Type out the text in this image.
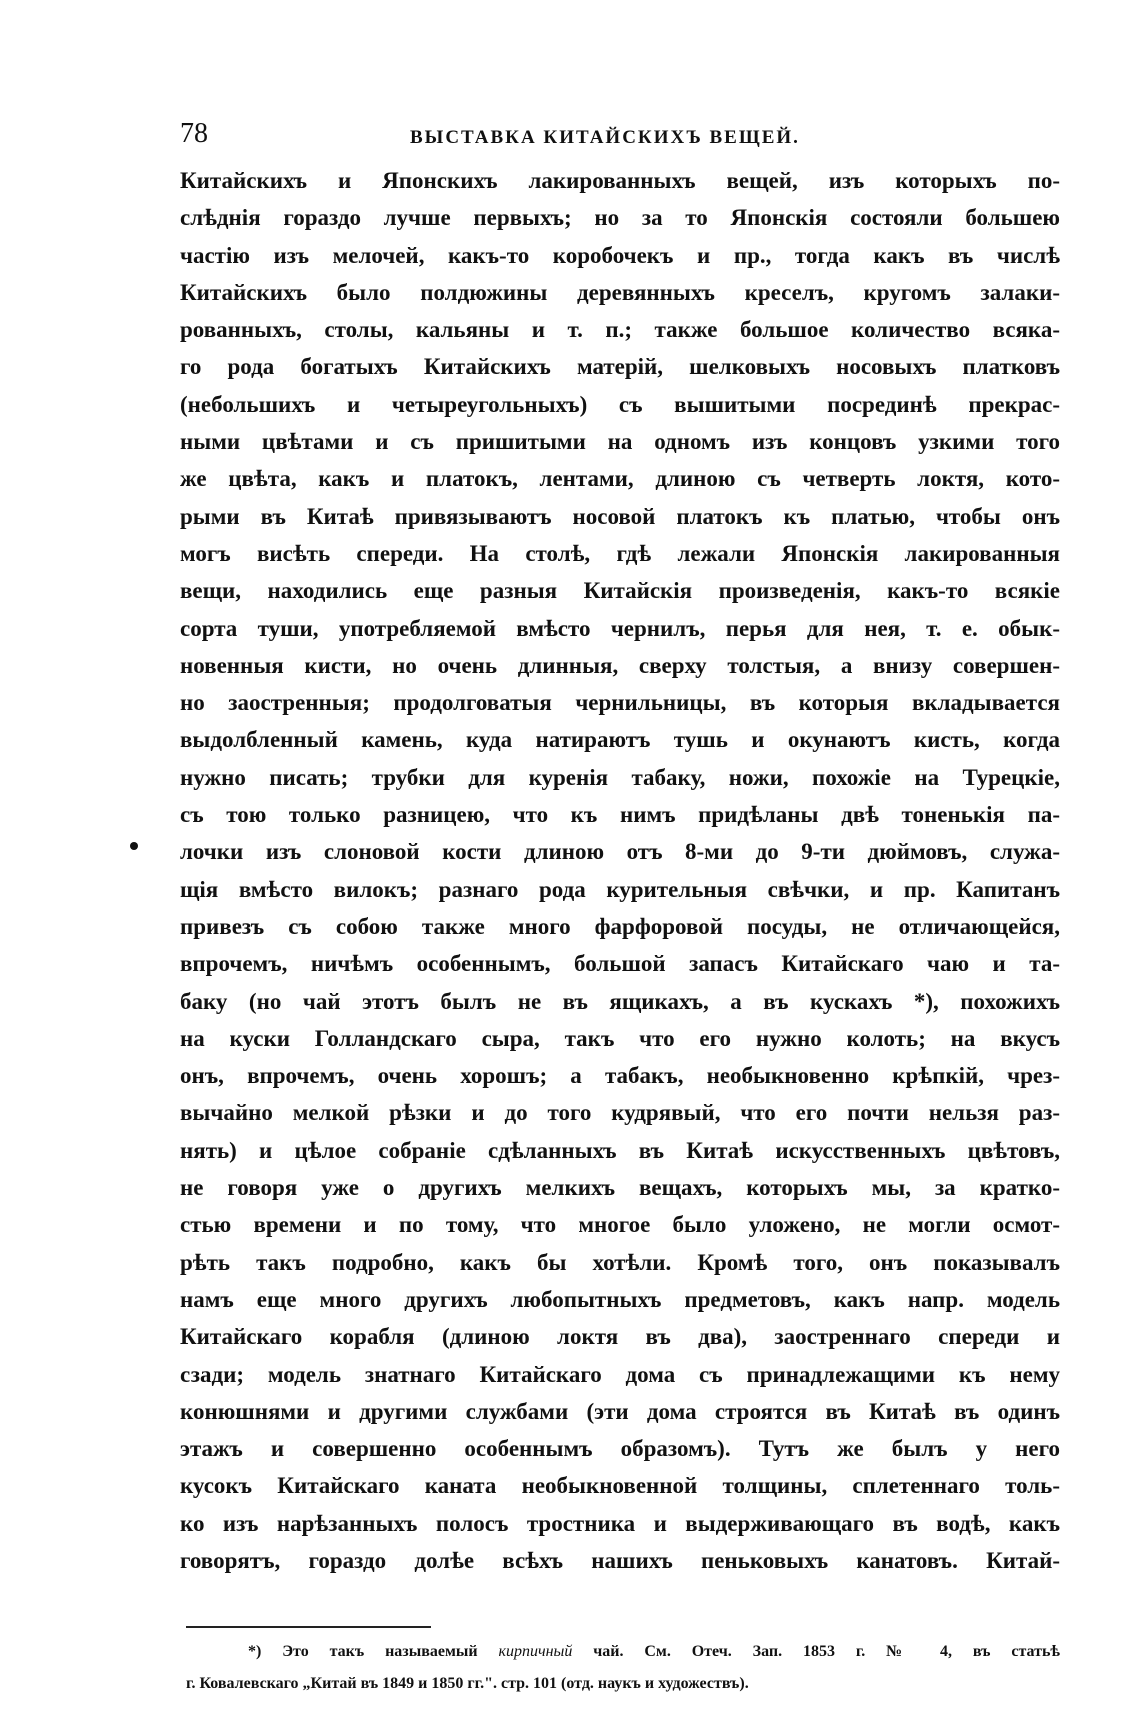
78	ВЫСТАВКА КИТАЙСКИХЪ ВЕЩЕЙ.
Китайскихъ и Японскихъ лакированныхъ вещей, изъ которыхъ по-
слѣднія гораздо лучше первыхъ; но за то Японскія состояли большею
частію изъ мелочей, какъ-то коробочекъ и пр., тогда какъ въ числѣ
Китайскихъ было полдюжины деревянныхъ креселъ, кругомъ залаки-
рованныхъ, столы, кальяны и т. п.; также большое количество всяка-
го рода богатыхъ Китайскихъ матерій, шелковыхъ носовыхъ платковъ
(небольшихъ и четыреугольныхъ) съ вышитыми посрединѣ прекрас-
ными цвѣтами и съ пришитыми на одномъ изъ концовъ узкими того
же цвѣта, какъ и платокъ, лентами, длиною съ четверть локтя, кото-
рыми въ Китаѣ привязываютъ носовой платокъ къ платью, чтобы онъ
могъ висѣть спереди. На столѣ, гдѣ лежали Японскія лакированныя
вещи, находились еще разныя Китайскія произведенія, какъ-то всякіе
сорта туши, употребляемой вмѣсто чернилъ, перья для нея, т. е. обык-
новенныя кисти, но очень длинныя, сверху толстыя, а внизу совершен-
но заостренныя; продолговатыя чернильницы, въ которыя вкладывается
выдолбленный камень, куда натираютъ тушь и окунаютъ кисть, когда
нужно писать; трубки для куренія табаку, ножи, похожіе на Турецкіе,
съ тою только разницею, что къ нимъ придѣланы двѣ тоненькія па-
лочки изъ слоновой кости длиною отъ 8-ми до 9-ти дюймовъ, служа-
щія вмѣсто вилокъ; разнаго рода курительныя свѣчки, и пр. Капитанъ
привезъ съ собою также много фарфоровой посуды, не отличающейся,
впрочемъ, ничѣмъ особеннымъ, большой запасъ Китайскаго чаю и та-
баку (но чай этотъ былъ не въ ящикахъ, а въ кускахъ *), похожихъ
на куски Голландскаго сыра, такъ что его нужно колоть; на вкусъ
онъ, впрочемъ, очень хорошъ; а табакъ, необыкновенно крѣпкій, чрез-
вычайно мелкой рѣзки и до того кудрявый, что его почти нельзя раз-
нять) и цѣлое собраніе сдѣланныхъ въ Китаѣ искусственныхъ цвѣтовъ,
не говоря уже о другихъ мелкихъ вещахъ, которыхъ мы, за кратко-
стью времени и по тому, что многое было уложено, не могли осмот-
рѣть такъ подробно, какъ бы хотѣли. Кромѣ того, онъ показывалъ
намъ еще много другихъ любопытныхъ предметовъ, какъ напр. модель
Китайскаго корабля (длиною локтя въ два), заостреннаго спереди и
сзади; модель знатнаго Китайскаго дома съ принадлежащими къ нему
конюшнями и другими службами (эти дома строятся въ Китаѣ въ одинъ
этажъ и совершенно особеннымъ образомъ). Тутъ же былъ у него
кусокъ Китайскаго каната необыкновенной толщины, сплетеннаго толь-
ко изъ нарѣзанныхъ полосъ тростника и выдерживающаго въ водѣ, какъ
говорятъ, гораздо долѣе всѣхъ нашихъ пеньковыхъ канатовъ. Китай-
*) Это такъ называемый кирпичный чай. См. Отеч. Зап. 1853 г. № 4, въ статьѣ
г. Ковалевскаго „Китай въ 1849 и 1850 гг.". стр. 101 (отд. наукъ и художествъ).
